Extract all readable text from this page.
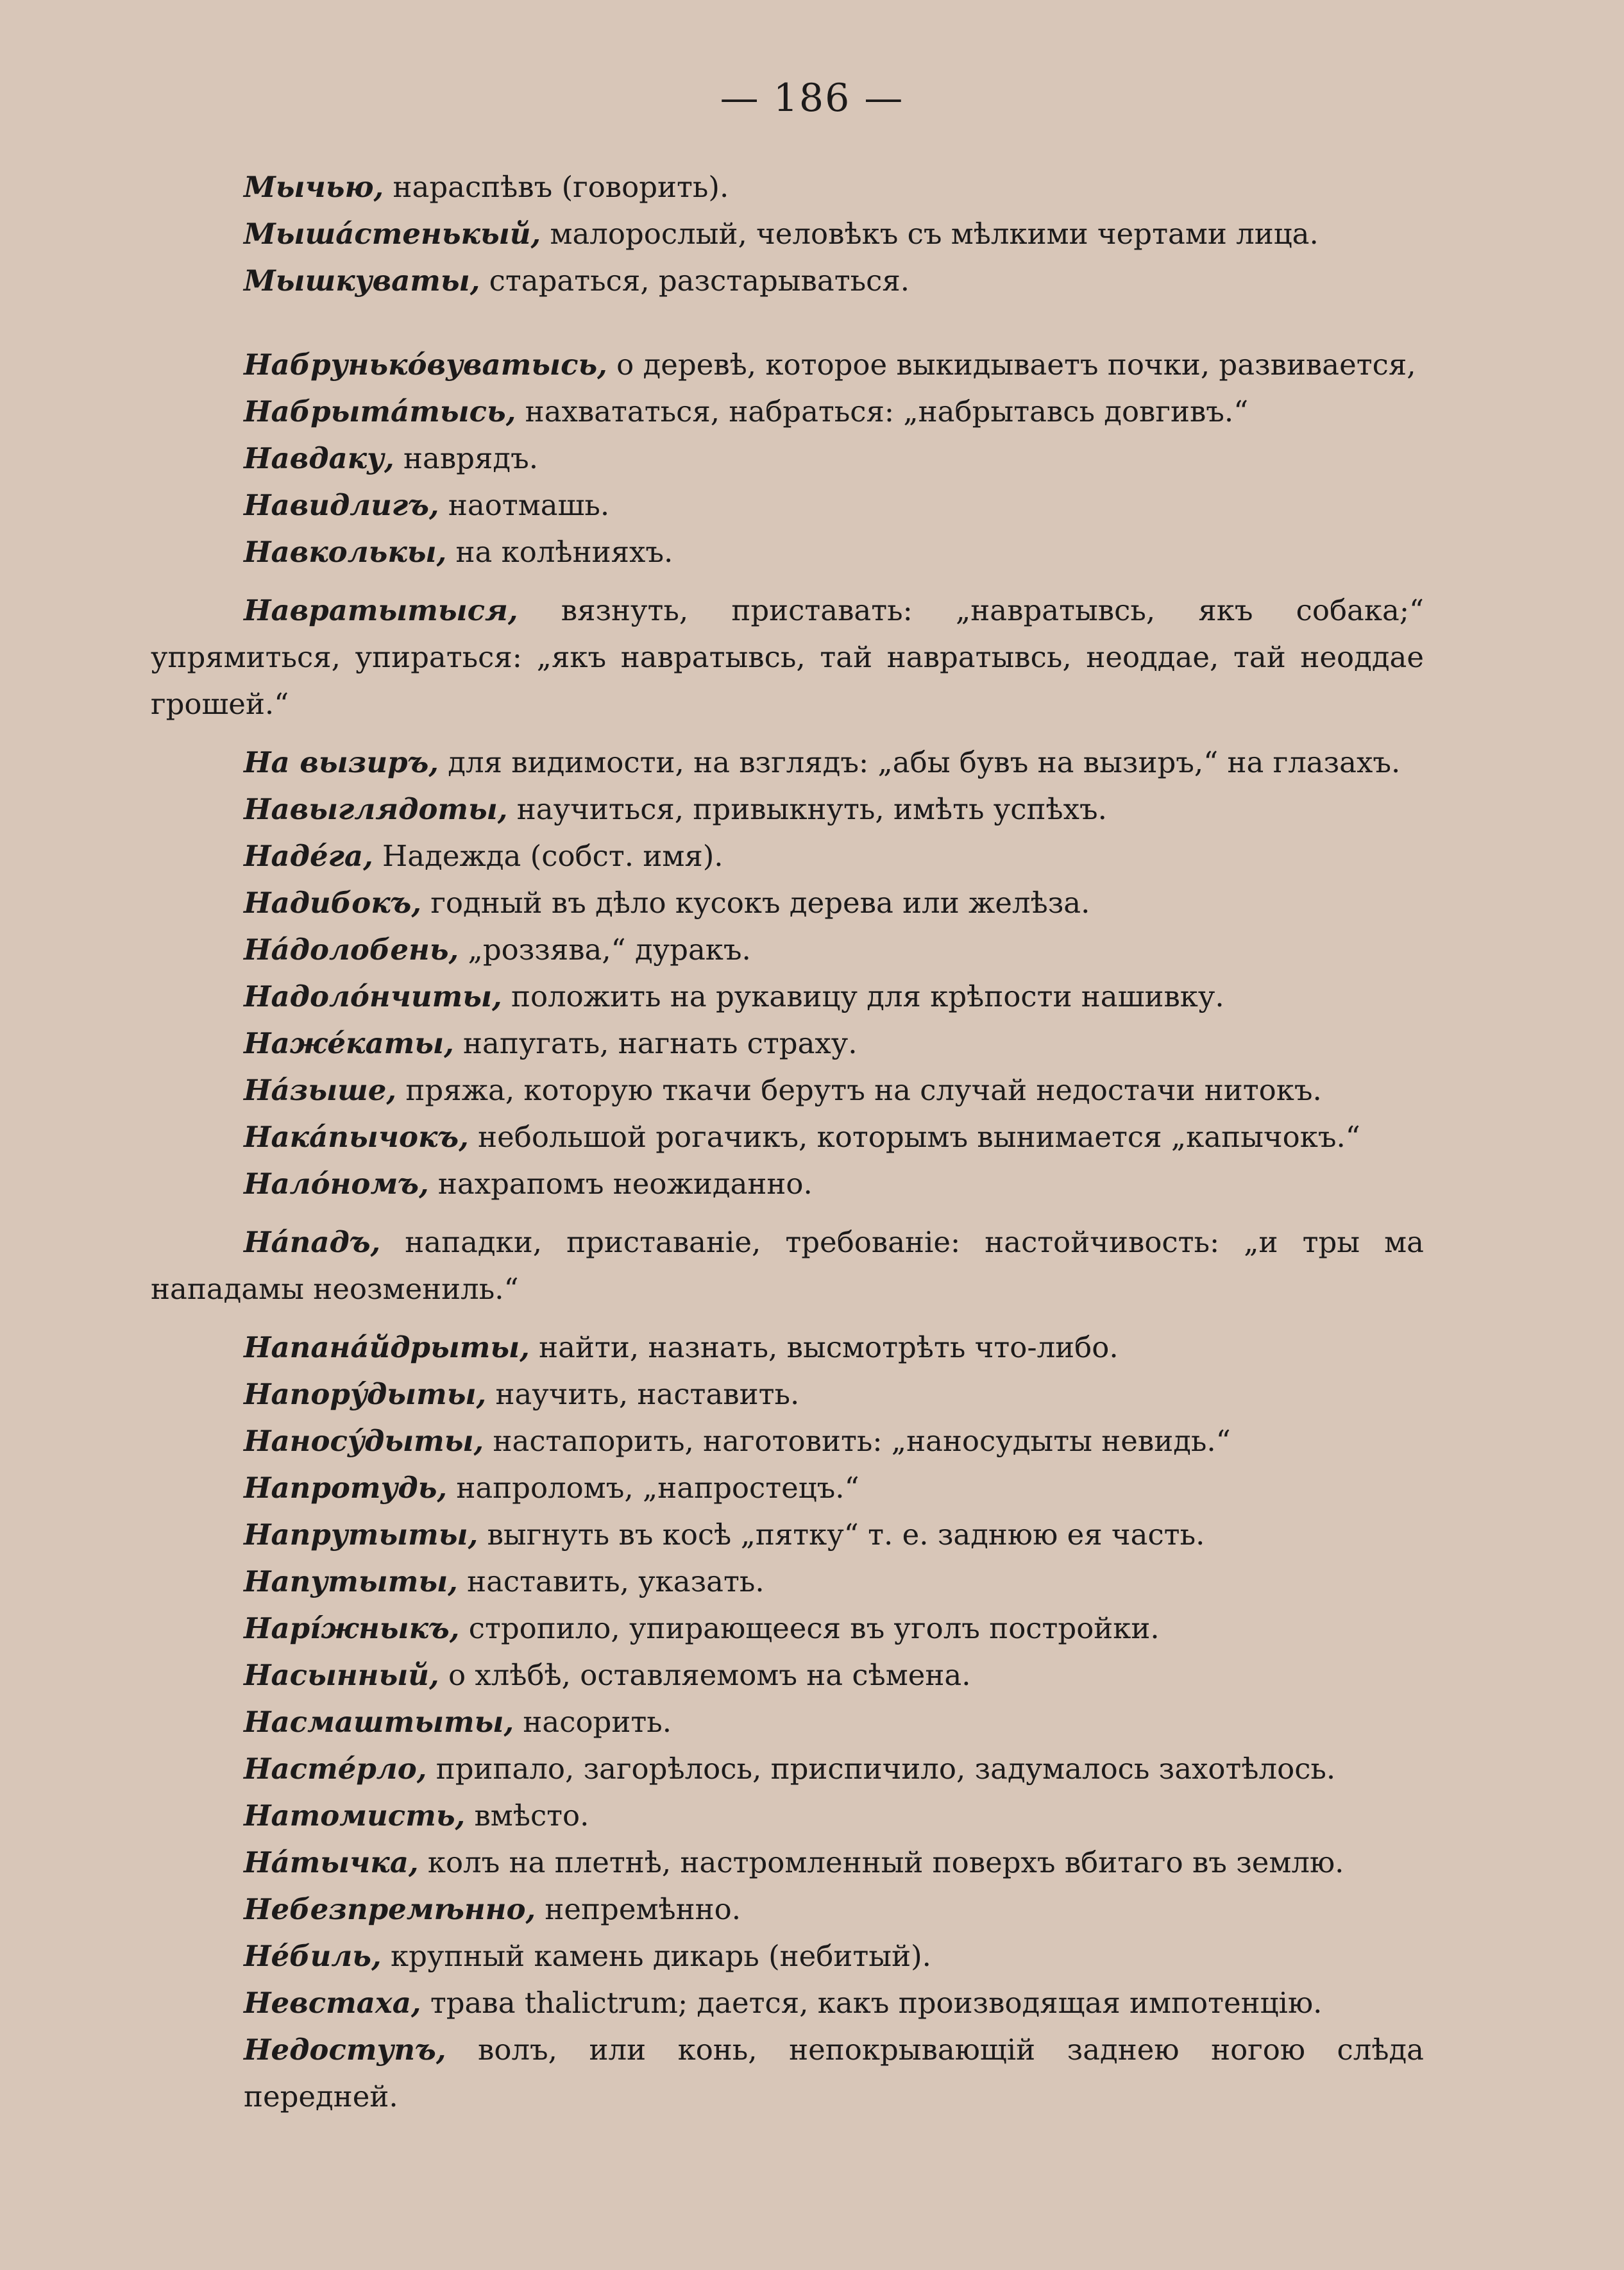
— 186 —

Мычью, нараспѣвъ (говорить).

Мышáстенькый, малорослый, человѣкъ съ мѣлкими чертами лица.

Мышкуваты, стараться, разстарываться.

Набрунькóвуватысь, о деревѣ, которое выкидываетъ почки, развивается,

Набрытáтысь, нахвататься, набраться: „набрытавсь довгивъ.“

Навдаку, наврядъ.

Навидлигъ, наотмашь.

Навколькы, на колѣнияхъ.

Навратытыся, вязнуть, приставать: „навратывсь, якъ собака;“ упрямиться, упираться: „якъ навратывсь, тай навратывсь, неоддае, тай неоддае грошей.“

На вызиръ, для видимости, на взглядъ: „абы бувъ на вызиръ,“ на глазахъ.

Навыглядоты, научиться, привыкнуть, имѣть успѣхъ.

Надéга, Надежда (собст. имя).

Надибокъ, годный въ дѣло кусокъ дерева или желѣза.

Нáдолобень, „роззява,“ дуракъ.

Надолóнчиты, положить на рукавицу для крѣпости нашивку.

Нажéкаты, напугать, нагнать страху.

Нáзыше, пряжа, которую ткачи берутъ на случай недостачи нитокъ.

Накáпычокъ, небольшой рогачикъ, которымъ вынимается „капычокъ.“

Налóномъ, нахрапомъ неожиданно.

Нáпадъ, нападки, приставанiе, требованiе: настойчивость: „и тры ма нападамы неозмениль.“

Напанáйдрыты, найти, назнать, высмотрѣть что-либо.

Напорýдыты, научить, наставить.

Наносýдыты, настапорить, наготовить: „наносудыты невидь.“

Напротудь, напроломъ, „напростецъ.“

Напрутыты, выгнуть въ косѣ „пятку“ т. е. заднюю ея часть.

Напутыты, наставить, указать.

Нарíжныкъ, стропило, упирающееся въ уголъ постройки.

Насынный, о хлѣбѣ, оставляемомъ на сѣмена.

Насмаштыты, насорить.

Настéрло, припало, загорѣлось, приспичило, задумалось захотѣлось.

Натомисть, вмѣсто.

Нáтычка, колъ на плетнѣ, настромленный поверхъ вбитаго въ землю.

Небезпремѣнно, непремѣнно.

Нéбиль, крупный камень дикарь (небитый).

Невстаха, трава thalictrum; дается, какъ производящая импотенцiю.

Недоступъ, волъ, или конь, непокрывающiй заднею ногою слѣда передней.
